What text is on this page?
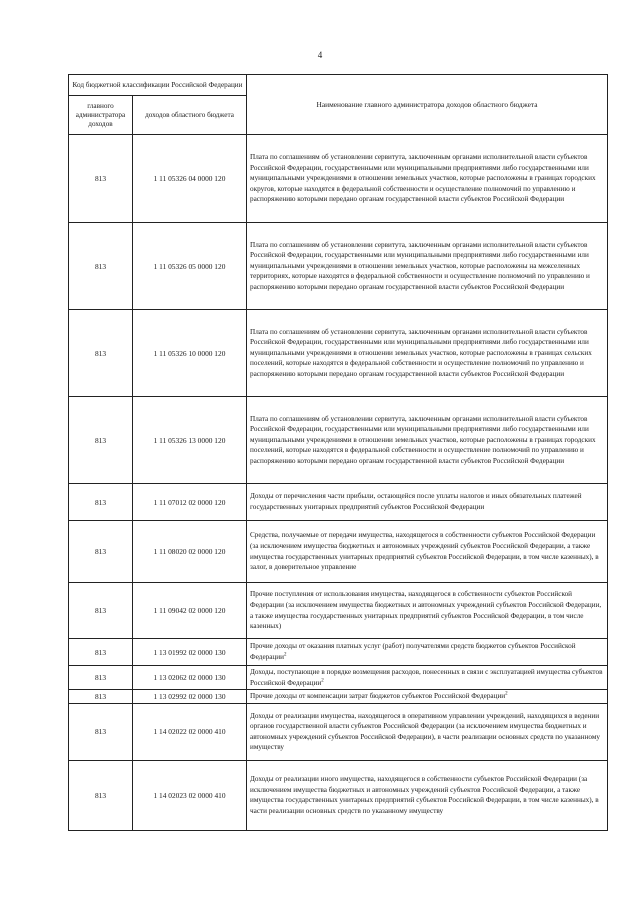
4
Код бюджетной классификации Российской Федерации		Наименование главного администратора доходов областного бюджета
главного администратора доходов	доходов областного бюджета	
813	1 11 05326 04 0000 120	Плата по соглашениям об установлении сервитута, заключенным органами исполнительной власти субъектов Российской Федерации, государственными или муниципальными предприятиями либо государственными или муниципальными учреждениями в отношении земельных участков, которые расположены в границах городских округов, которые находятся в федеральной собственности и осуществление полномочий по управлению и распоряжению которыми передано органам государственной власти субъектов Российской Федерации
813	1 11 05326 05 0000 120	Плата по соглашениям об установлении сервитута, заключенным органами исполнительной власти субъектов Российской Федерации, государственными или муниципальными предприятиями либо государственными или муниципальными учреждениями в отношении земельных участков, которые расположены на межселенных территориях, которые находятся в федеральной собственности и осуществление полномочий по управлению и распоряжению которыми передано органам государственной власти субъектов Российской Федерации
813	1 11 05326 10 0000 120	Плата по соглашениям об установлении сервитута, заключенным органами исполнительной власти субъектов Российской Федерации, государственными или муниципальными предприятиями либо государственными или муниципальными учреждениями в отношении земельных участков, которые расположены в границах сельских поселений, которые находятся в федеральной собственности и осуществление полномочий по управлению и распоряжению которыми передано органам государственной власти субъектов Российской Федерации
813	1 11 05326 13 0000 120	Плата по соглашениям об установлении сервитута, заключенным органами исполнительной власти субъектов Российской Федерации, государственными или муниципальными предприятиями либо государственными или муниципальными учреждениями в отношении земельных участков, которые расположены в границах городских поселений, которые находятся в федеральной собственности и осуществление полномочий по управлению и распоряжению которыми передано органам государственной власти субъектов Российской Федерации
813	1 11 07012 02 0000 120	Доходы от перечисления части прибыли, остающейся после уплаты налогов и иных обязательных платежей государственных унитарных предприятий субъектов Российской Федерации
813	1 11 08020 02 0000 120	Средства, получаемые от передачи имущества, находящегося в собственности субъектов Российской Федерации (за исключением имущества бюджетных и автономных учреждений субъектов Российской Федерации, а также имущества государственных унитарных предприятий субъектов Российской Федерации, в том числе казенных), в залог, в доверительное управление
813	1 11 09042 02 0000 120	Прочие поступления от использования имущества, находящегося в собственности субъектов Российской Федерации (за исключением имущества бюджетных и автономных учреждений субъектов Российской Федерации, а также имущества государственных унитарных предприятий субъектов Российской Федерации, в том числе казенных)
813	1 13 01992 02 0000 130	Прочие доходы от оказания платных услуг (работ) получателями средств бюджетов субъектов Российской Федерации$^2$
813	1 13 02062 02 0000 130	Доходы, поступающие в порядке возмещения расходов, понесенных в связи с эксплуатацией имущества субъектов Российской Федерации$^2$
813	1 13 02992 02 0000 130	Прочие доходы от компенсации затрат бюджетов субъектов Российской Федерации$^2$
813	1 14 02022 02 0000 410	Доходы от реализации имущества, находящегося в оперативном управлении учреждений, находящихся в ведении органов государственной власти субъектов Российской Федерации (за исключением имущества бюджетных и автономных учреждений субъектов Российской Федерации), в части реализации основных средств по указанному имуществу
813	1 14 02023 02 0000 410	Доходы от реализации иного имущества, находящегося в собственности субъектов Российской Федерации (за исключением имущества бюджетных и автономных учреждений субъектов Российской Федерации, а также имущества государственных унитарных предприятий субъектов Российской Федерации, в том числе казенных), в части реализации основных средств по указанному имуществу
